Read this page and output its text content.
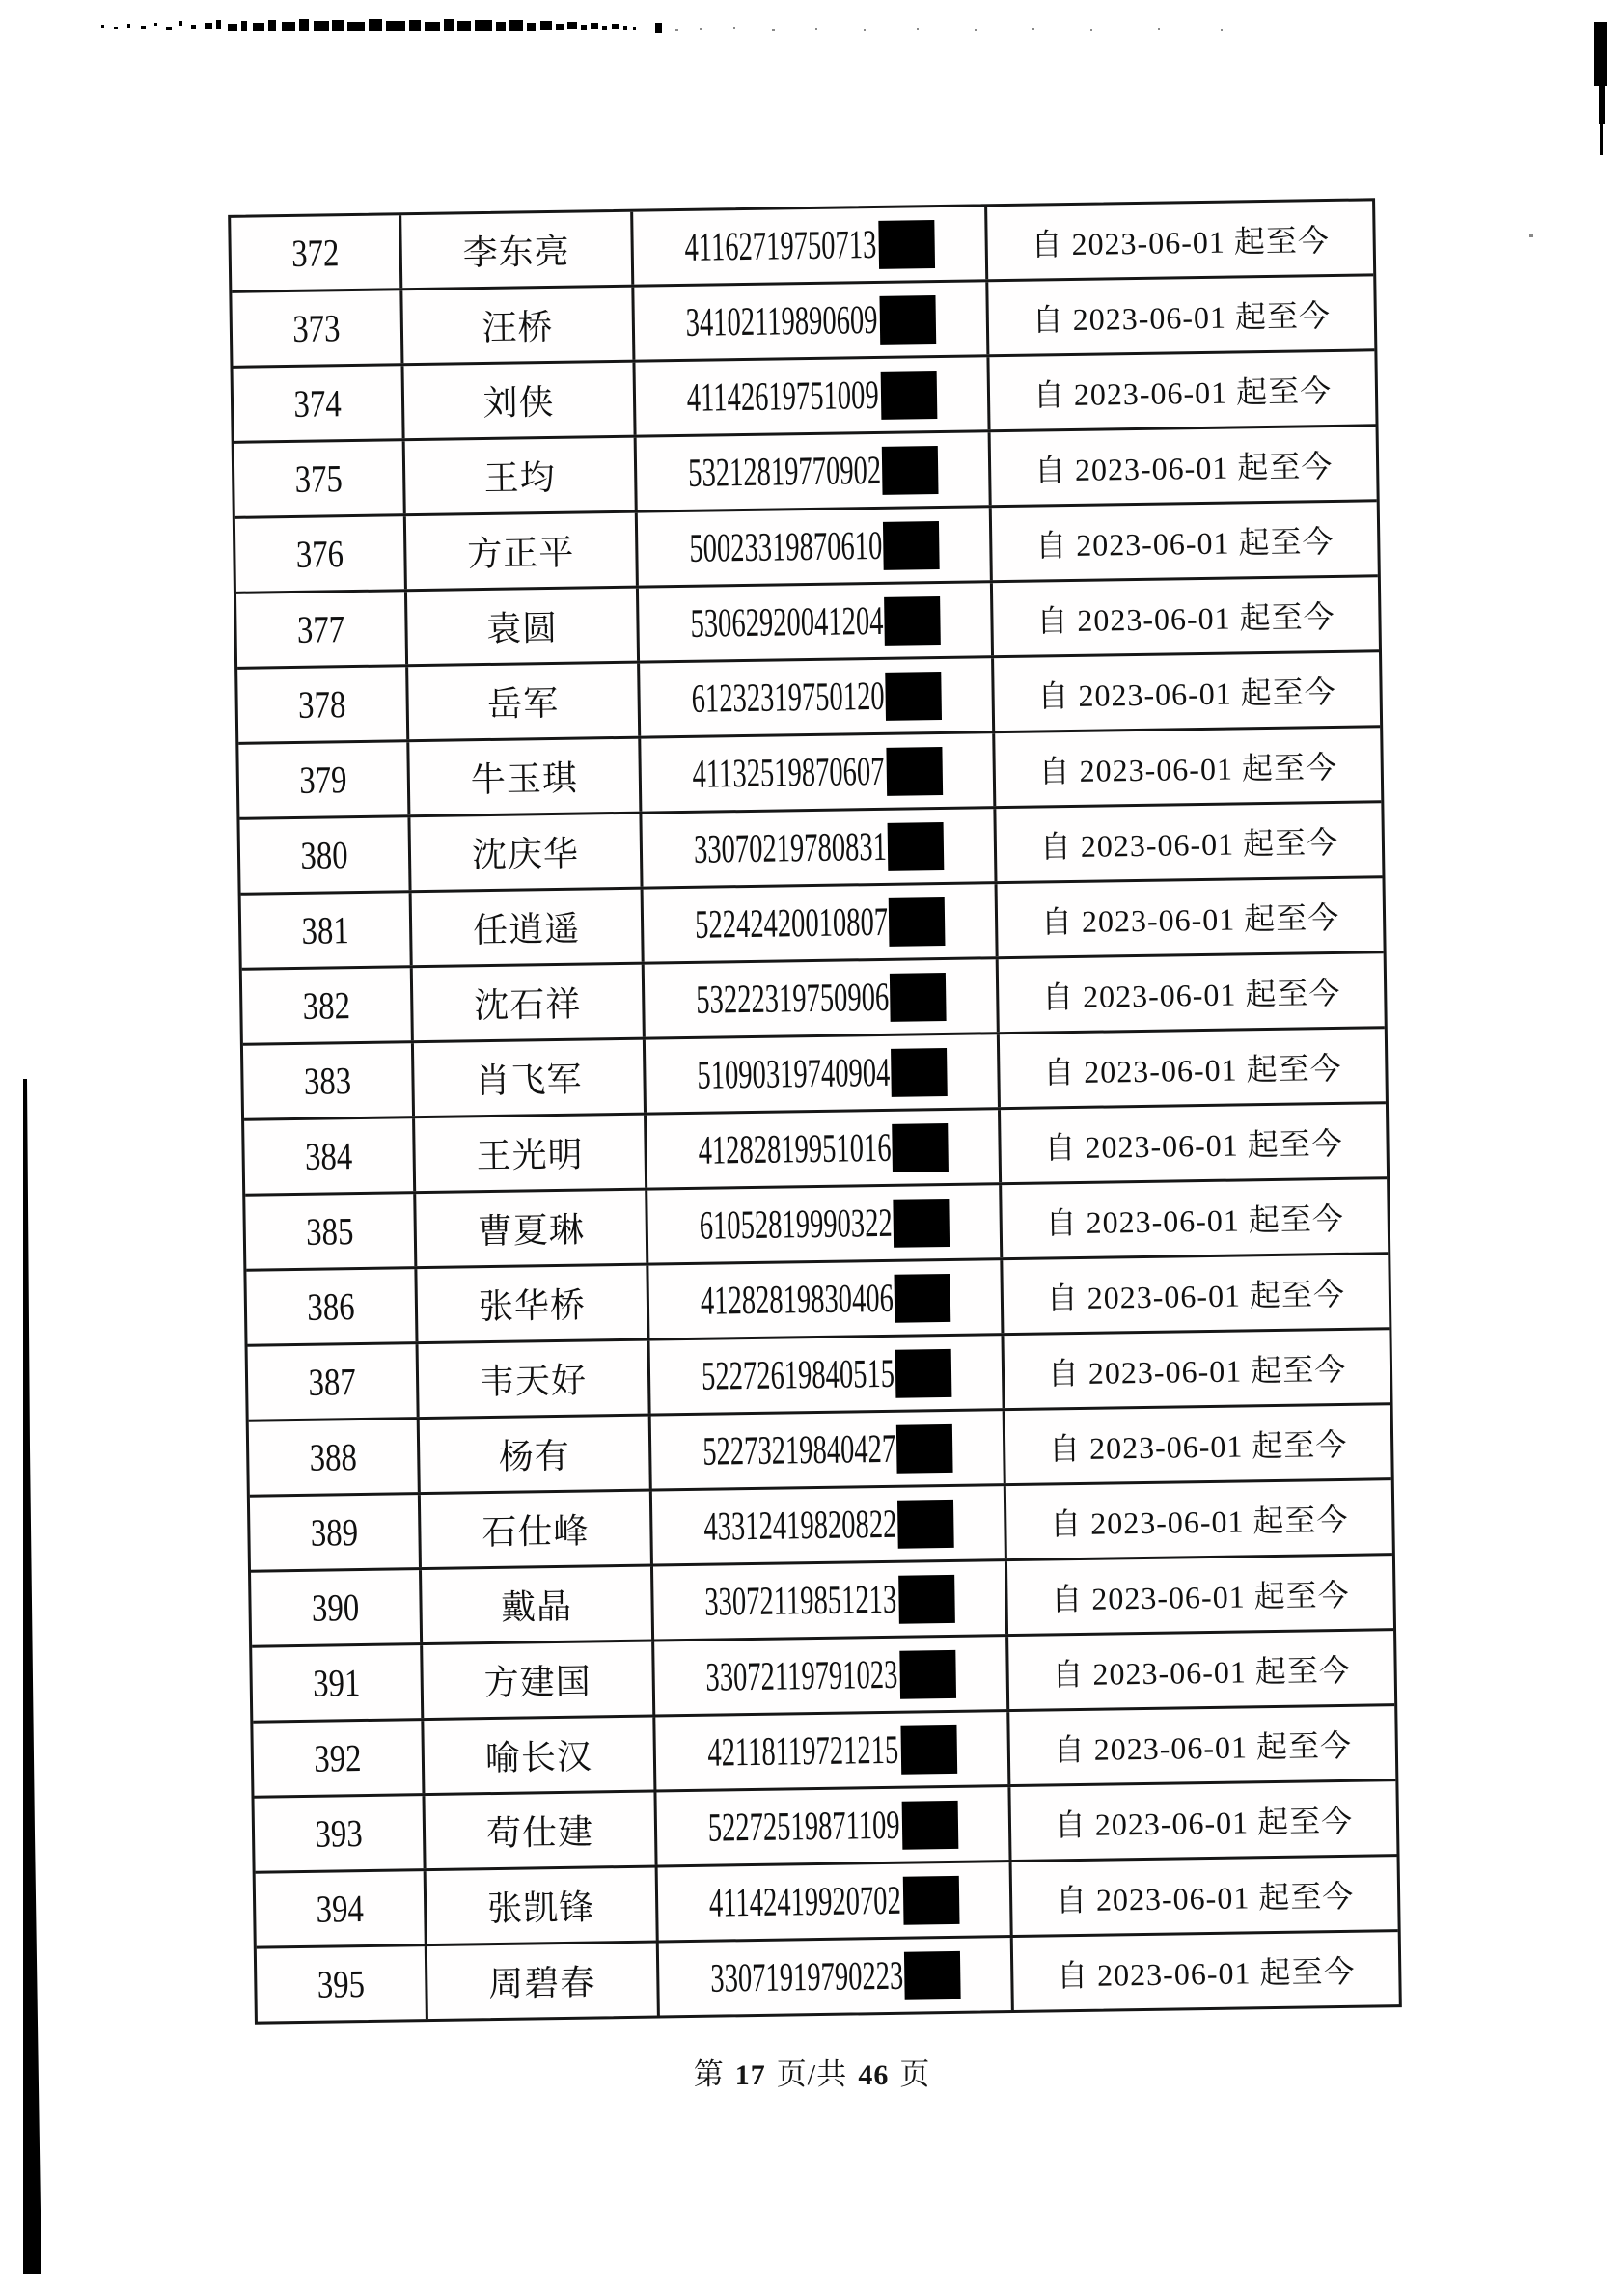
372	李东亮	41162719750713	自 2023-06-01 起至今
373	汪桥	34102119890609	自 2023-06-01 起至今
374	刘侠	41142619751009	自 2023-06-01 起至今
375	王均	53212819770902	自 2023-06-01 起至今
376	方正平	50023319870610	自 2023-06-01 起至今
377	袁圆	53062920041204	自 2023-06-01 起至今
378	岳军	61232319750120	自 2023-06-01 起至今
379	牛玉琪	41132519870607	自 2023-06-01 起至今
380	沈庆华	33070219780831	自 2023-06-01 起至今
381	任逍遥	52242420010807	自 2023-06-01 起至今
382	沈石祥	53222319750906	自 2023-06-01 起至今
383	肖飞军	51090319740904	自 2023-06-01 起至今
384	王光明	41282819951016	自 2023-06-01 起至今
385	曹夏琳	61052819990322	自 2023-06-01 起至今
386	张华桥	41282819830406	自 2023-06-01 起至今
387	韦天好	52272619840515	自 2023-06-01 起至今
388	杨有	52273219840427	自 2023-06-01 起至今
389	石仕峰	43312419820822	自 2023-06-01 起至今
390	戴晶	33072119851213	自 2023-06-01 起至今
391	方建国	33072119791023	自 2023-06-01 起至今
392	喻长汉	42118119721215	自 2023-06-01 起至今
393	苟仕建	52272519871109	自 2023-06-01 起至今
394	张凯锋	41142419920702	自 2023-06-01 起至今
395	周碧春	33071919790223	自 2023-06-01 起至今
第 17 页/共 46 页
